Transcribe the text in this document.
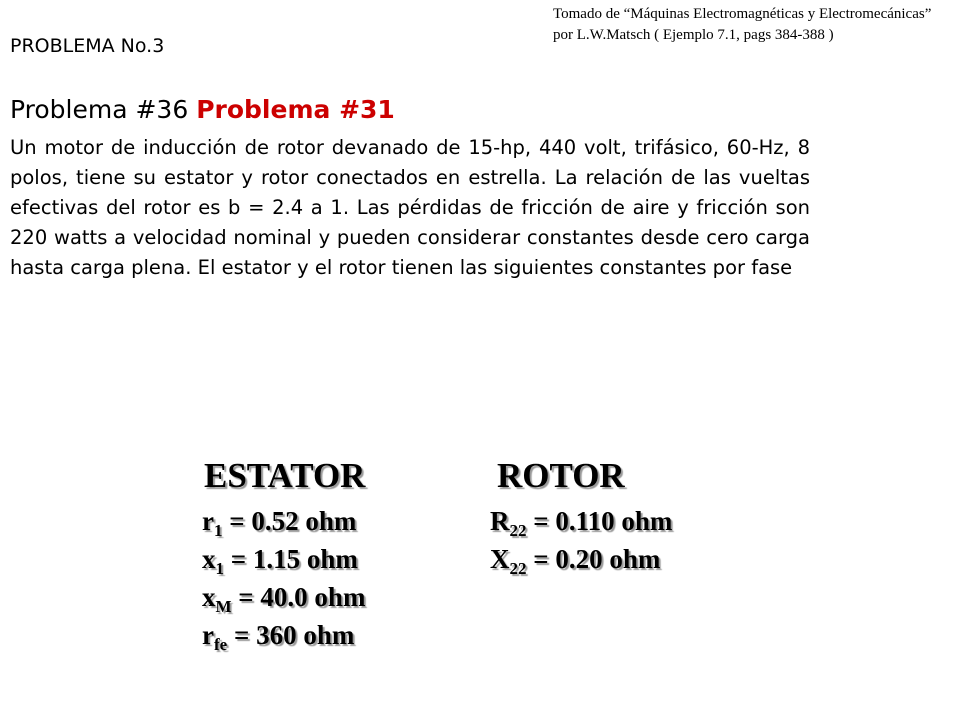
PROBLEMA No.3
Tomado de “Máquinas Electromagnéticas y Electromecánicas” por L.W.Matsch ( Ejemplo 7.1, pags 384-388 )
Problema #36 Problema #31
Un motor de inducción de rotor devanado de 15-hp, 440 volt, trifásico, 60-Hz, 8 polos, tiene su estator y rotor conectados en estrella. La relación de las vueltas efectivas del rotor es b = 2.4 a 1. Las pérdidas de fricción de aire y fricción son 220 watts a velocidad nominal y pueden considerar constantes desde cero carga hasta carga plena. El estator y el rotor tienen las siguientes constantes por fase
ESTATOR	ROTOR
$r_1 = 0.52$ ohm
$x_1 = 1.15$ ohm
$x_M = 40.0$ ohm
$r_{fe} = 360$ ohm
$R_{22} = 0.110$ ohm
$X_{22} = 0.20$ ohm
